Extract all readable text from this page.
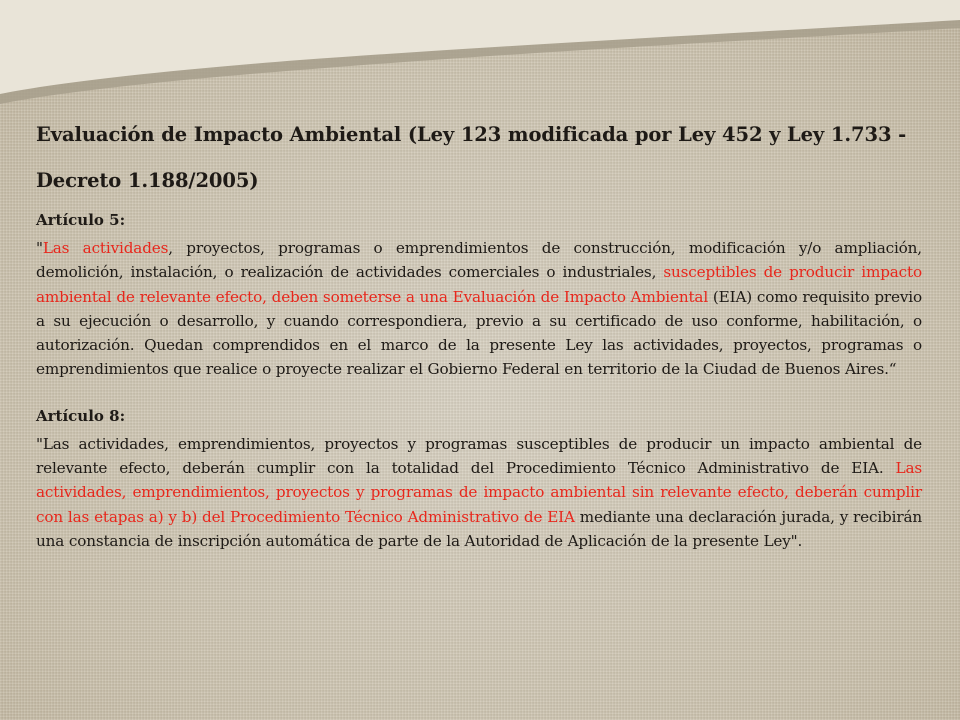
Evaluación de Impacto Ambiental (Ley 123 modificada por Ley 452 y Ley 1.733 -
Decreto 1.188/2005)
Artículo 5:

"Las actividades, proyectos, programas o emprendimientos de construcción, modificación y/o ampliación, demolición, instalación, o realización de actividades comerciales o industriales, susceptibles de producir impacto ambiental de relevante efecto, deben someterse a una Evaluación de Impacto Ambiental (EIA) como requisito previo a su ejecución o desarrollo, y cuando correspondiera, previo a su certificado de uso conforme, habilitación, o autorización. Quedan comprendidos en el marco de la presente Ley las actividades, proyectos, programas o emprendimientos que realice o proyecte realizar el Gobierno Federal en territorio de la Ciudad de Buenos Aires.“

Artículo 8:

"Las actividades, emprendimientos, proyectos y programas susceptibles de producir un impacto ambiental de relevante efecto, deberán cumplir con la totalidad del Procedimiento Técnico Administrativo de EIA. Las actividades, emprendimientos, proyectos y programas de impacto ambiental sin relevante efecto, deberán cumplir con las etapas a) y b) del Procedimiento Técnico Administrativo de EIA mediante una declaración jurada, y recibirán una constancia de inscripción automática de parte de la Autoridad de Aplicación de la presente Ley".
